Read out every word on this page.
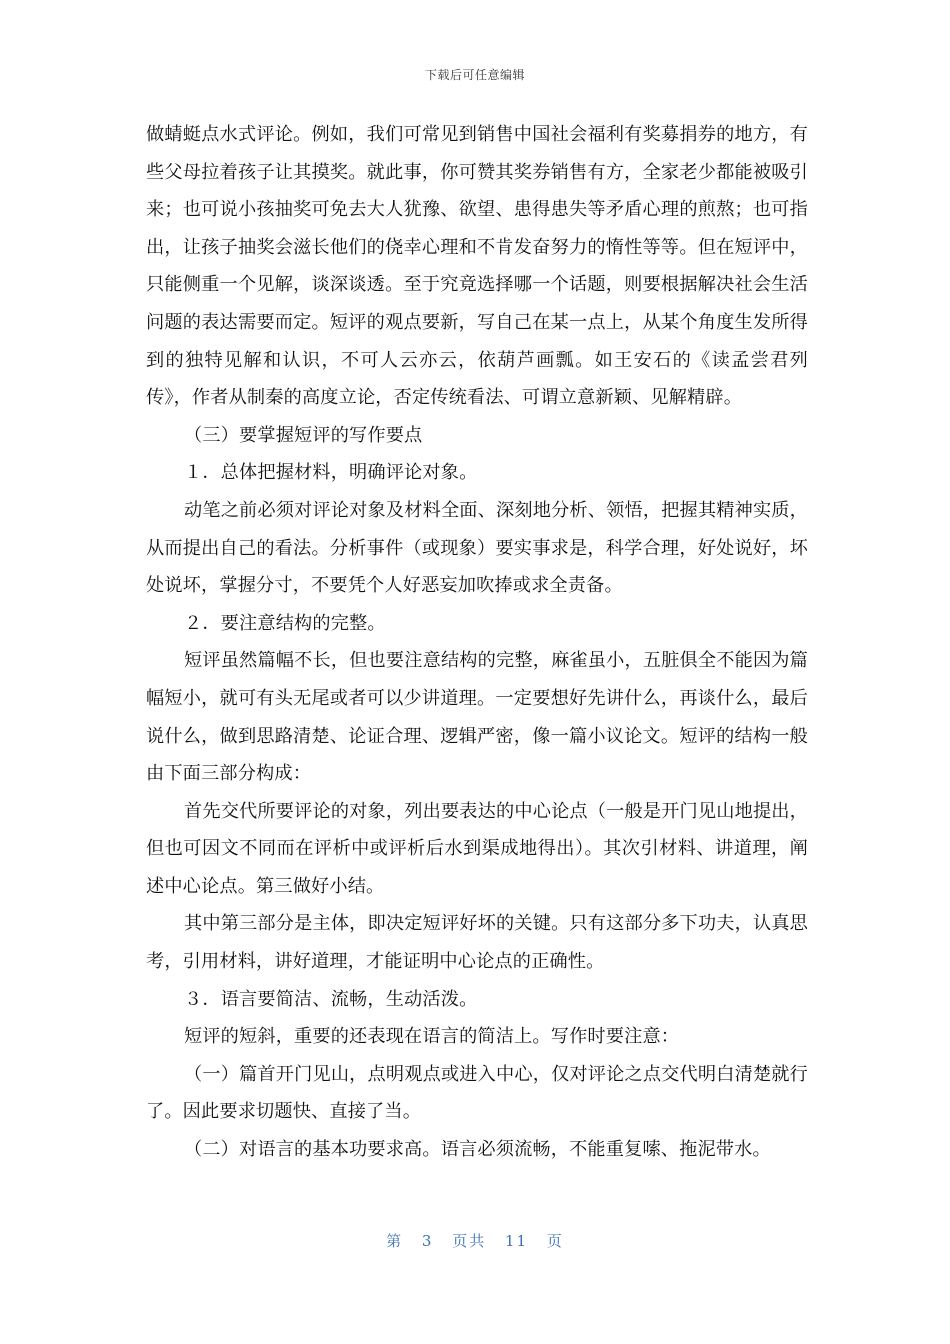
下载后可任意编辑

做蜻蜓点水式评论。例如，我们可常见到销售中国社会福利有奖募捐券的地方，有些父母拉着孩子让其摸奖。就此事，你可赞其奖券销售有方，全家老少都能被吸引来；也可说小孩抽奖可免去大人犹豫、欲望、患得患失等矛盾心理的煎熬；也可指出，让孩子抽奖会滋长他们的侥幸心理和不肯发奋努力的惰性等等。但在短评中，只能侧重一个见解，谈深谈透。至于究竟选择哪一个话题，则要根据解决社会生活问题的表达需要而定。短评的观点要新，写自己在某一点上，从某个角度生发所得到的独特见解和认识，不可人云亦云，依葫芦画瓢。如王安石的《读孟尝君列传》，作者从制秦的高度立论，否定传统看法、可谓立意新颖、见解精辟。

（三）要掌握短评的写作要点

１．总体把握材料，明确评论对象。

动笔之前必须对评论对象及材料全面、深刻地分析、领悟，把握其精神实质，从而提出自己的看法。分析事件（或现象）要实事求是，科学合理，好处说好，坏处说坏，掌握分寸，不要凭个人好恶妄加吹捧或求全责备。

２．要注意结构的完整。

短评虽然篇幅不长，但也要注意结构的完整，麻雀虽小，五脏俱全不能因为篇幅短小，就可有头无尾或者可以少讲道理。一定要想好先讲什么，再谈什么，最后说什么，做到思路清楚、论证合理、逻辑严密，像一篇小议论文。短评的结构一般由下面三部分构成：

首先交代所要评论的对象，列出要表达的中心论点（一般是开门见山地提出，但也可因文不同而在评析中或评析后水到渠成地得出）。其次引材料、讲道理，阐述中心论点。第三做好小结。

其中第三部分是主体，即决定短评好坏的关键。只有这部分多下功夫，认真思考，引用材料，讲好道理，才能证明中心论点的正确性。

３．语言要简洁、流畅，生动活泼。

短评的短斜，重要的还表现在语言的简洁上。写作时要注意：

（一）篇首开门见山，点明观点或进入中心，仅对评论之点交代明白清楚就行了。因此要求切题快、直接了当。

（二）对语言的基本功要求高。语言必须流畅，不能重复嗦、拖泥带水。

第 3 页共 11 页
